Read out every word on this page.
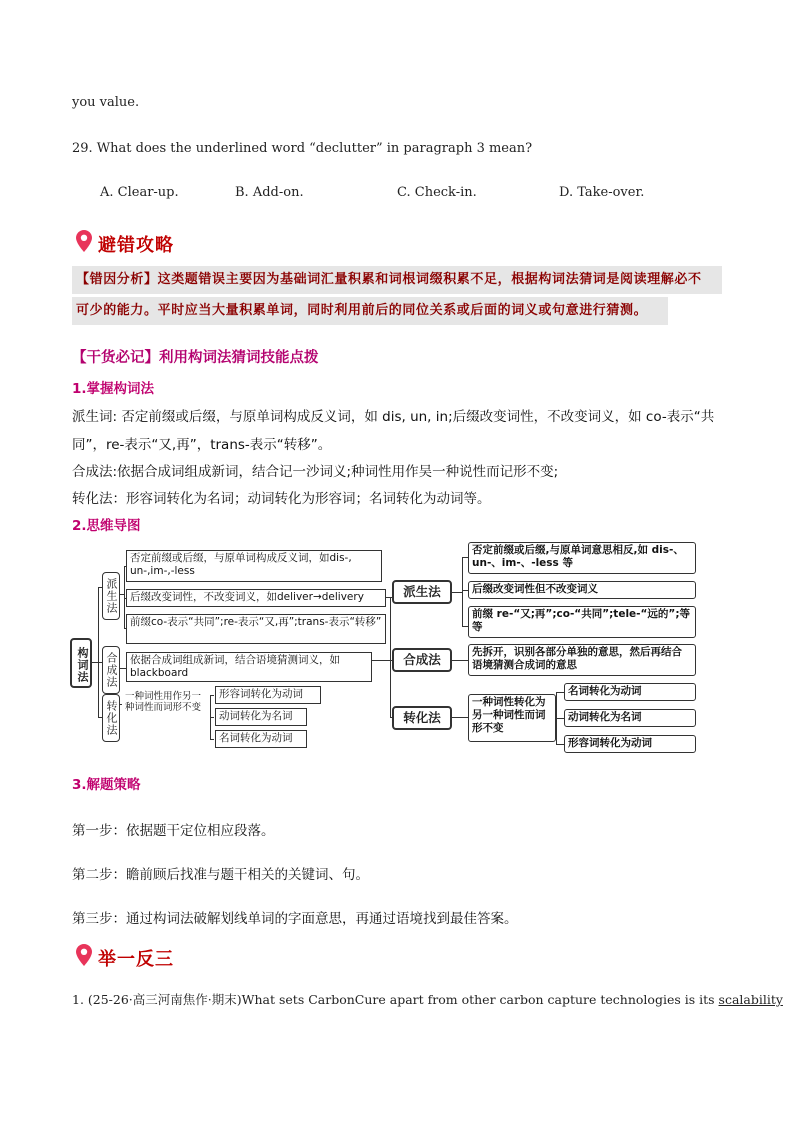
you value.
29. What does the underlined word “declutter” in paragraph 3 mean?
A. Clear-up.	B. Add-on.	C. Check-in.	D. Take-over.
避错攻略
【错因分析】这类题错误主要因为基础词汇量积累和词根词缀积累不足，根据构词法猜词是阅读理解必不
可少的能力。平时应当大量积累单词，同时利用前后的同位关系或后面的词义或句意进行猜测。
【干货必记】利用构词法猜词技能点拨
1.掌握构词法
派生词: 否定前缀或后缀，与原单词构成反义词，如 dis, un, in;后缀改变词性，不改变词义，如 co-表示“共
同”，re-表示“又,再”，trans-表示“转移”。
合成法:依据合成词组成新词，结合记一沙词义;种词性用作吴一种说性而记形不变;
转化法：形容词转化为名词；动词转化为形容词；名词转化为动词等。
2.思维导图
构词法
派生法
合成法
转化法
否定前缀或后缀，与原单词构成反义词，如dis-, un-,im-,-less
后缀改变词性，不改变词义，如deliver→delivery
前缀co-表示“共同”;re-表示“又,再”;trans-表示“转移”
依据合成词组成新词，结合语境猜测词义，如blackboard
一种词性用作另一种词性而词形不变
形容词转化为动词
动词转化为名词
名词转化为动词
派生法
合成法
转化法
否定前缀或后缀,与原单词意思相反,如 dis-、un-、im-、-less 等
后缀改变词性但不改变词义
前缀 re-“又;再”;co-“共同”;tele-“远的”;等等
先拆开，识别各部分单独的意思，然后再结合语境猜测合成词的意思
一种词性转化为另一种词性而词形不变
名词转化为动词
动词转化为名词
形容词转化为动词
3.解题策略
第一步：依据题干定位相应段落。
第二步：瞻前顾后找准与题干相关的关键词、句。
第三步：通过构词法破解划线单词的字面意思，再通过语境找到最佳答案。
举一反三
1. (25-26·高三河南焦作·期末)What sets CarbonCure apart from other carbon capture technologies is its scalability
